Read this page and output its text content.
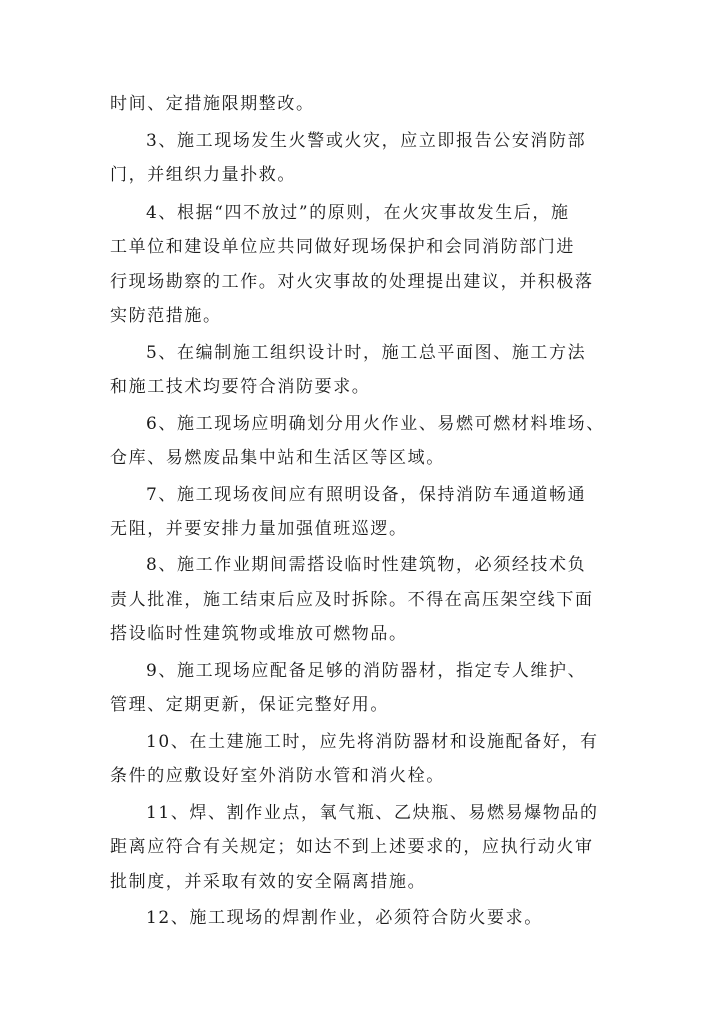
时间、定措施限期整改。
3、施工现场发生火警或火灾，应立即报告公安消防部
门，并组织力量扑救。
4、根据“四不放过”的原则，在火灾事故发生后，施
工单位和建设单位应共同做好现场保护和会同消防部门进
行现场勘察的工作。对火灾事故的处理提出建议，并积极落
实防范措施。
5、在编制施工组织设计时，施工总平面图、施工方法
和施工技术均要符合消防要求。
6、施工现场应明确划分用火作业、易燃可燃材料堆场、
仓库、易燃废品集中站和生活区等区域。
7、施工现场夜间应有照明设备，保持消防车通道畅通
无阻，并要安排力量加强值班巡逻。
8、施工作业期间需搭设临时性建筑物，必须经技术负
责人批准，施工结束后应及时拆除。不得在高压架空线下面
搭设临时性建筑物或堆放可燃物品。
9、施工现场应配备足够的消防器材，指定专人维护、
管理、定期更新，保证完整好用。
10、在土建施工时，应先将消防器材和设施配备好，有
条件的应敷设好室外消防水管和消火栓。
11、焊、割作业点，氧气瓶、乙炔瓶、易燃易爆物品的
距离应符合有关规定；如达不到上述要求的，应执行动火审
批制度，并采取有效的安全隔离措施。
12、施工现场的焊割作业，必须符合防火要求。
